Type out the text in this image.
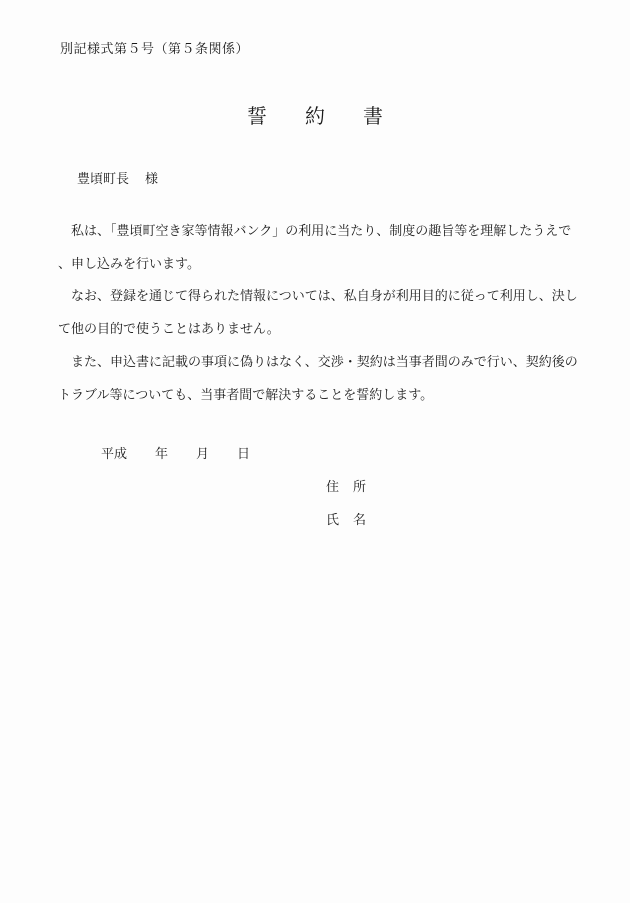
別記様式第５号（第５条関係）
誓 約 書
豊頃町長 様

私は、「豊頃町空き家等情報バンク」の利用に当たり、制度の趣旨等を理解したうえで、申し込みを行います。

なお、登録を通じて得られた情報については、私自身が利用目的に従って利用し、決して他の目的で使うことはありません。

また、申込書に記載の事項に偽りはなく、交渉・契約は当事者間のみで行い、契約後のトラブル等についても、当事者間で解決することを誓約します。

平成 年 月 日
住 所
氏 名
